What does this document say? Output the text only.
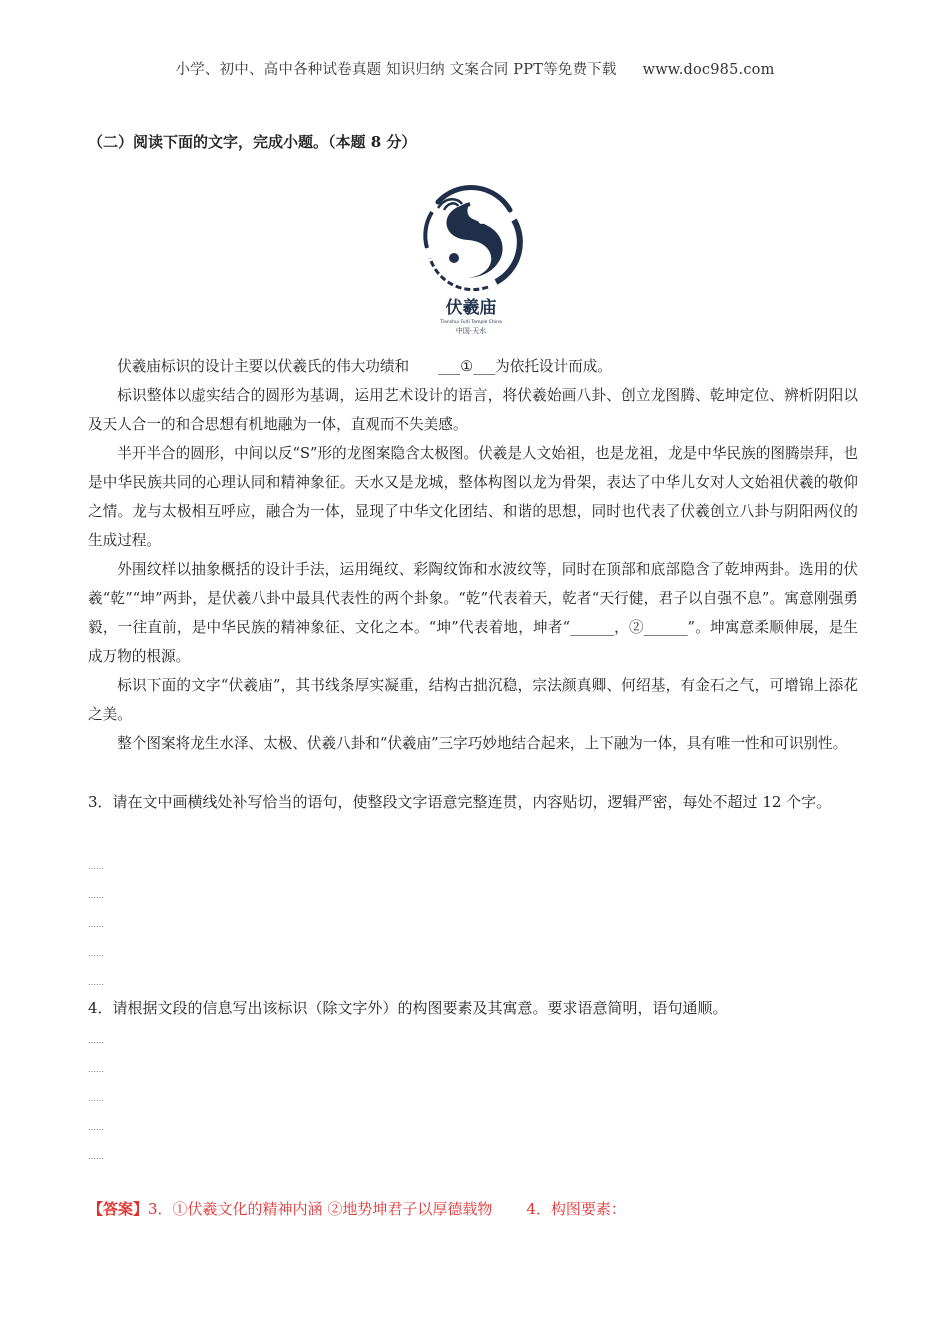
小学、初中、高中各种试卷真题 知识归纳 文案合同 PPT等免费下载 www.doc985.com
（二）阅读下面的文字，完成小题。（本题 8 分）
伏羲庙
Tianshui FuXi Temple China
中国·天水

伏羲庙标识的设计主要以伏羲氏的伟大功绩和 ___①___为依托设计而成。

标识整体以虚实结合的圆形为基调，运用艺术设计的语言，将伏羲始画八卦、创立龙图腾、乾坤定位、辨析阴阳以及天人合一的和合思想有机地融为一体，直观而不失美感。

半开半合的圆形，中间以反“S”形的龙图案隐含太极图。伏羲是人文始祖，也是龙祖，龙是中华民族的图腾崇拜，也是中华民族共同的心理认同和精神象征。天水又是龙城，整体构图以龙为骨架，表达了中华儿女对人文始祖伏羲的敬仰之情。龙与太极相互呼应，融合为一体，显现了中华文化团结、和谐的思想，同时也代表了伏羲创立八卦与阴阳两仪的生成过程。

外围纹样以抽象概括的设计手法，运用绳纹、彩陶纹饰和水波纹等，同时在顶部和底部隐含了乾坤两卦。选用的伏羲“乾”“坤”两卦，是伏羲八卦中最具代表性的两个卦象。“乾”代表着天，乾者“天行健，君子以自强不息”。寓意刚强勇毅，一往直前，是中华民族的精神象征、文化之本。“坤”代表着地，坤者“______，②______”。坤寓意柔顺伸展，是生成万物的根源。

标识下面的文字“伏羲庙”，其书线条厚实凝重，结构古拙沉稳，宗法颜真卿、何绍基，有金石之气，可增锦上添花之美。

整个图案将龙生水泽、太极、伏羲八卦和“伏羲庙”三字巧妙地结合起来，上下融为一体，具有唯一性和可识别性。

3．请在文中画横线处补写恰当的语句，使整段文字语意完整连贯，内容贴切，逻辑严密，每处不超过 12 个字。
……
……
……
……
……
4．请根据文段的信息写出该标识（除文字外）的构图要素及其寓意。要求语意简明，语句通顺。
……
……
……
……
……
【答案】3．①伏羲文化的精神内涵 ②地势坤君子以厚德载物 4．构图要素：
